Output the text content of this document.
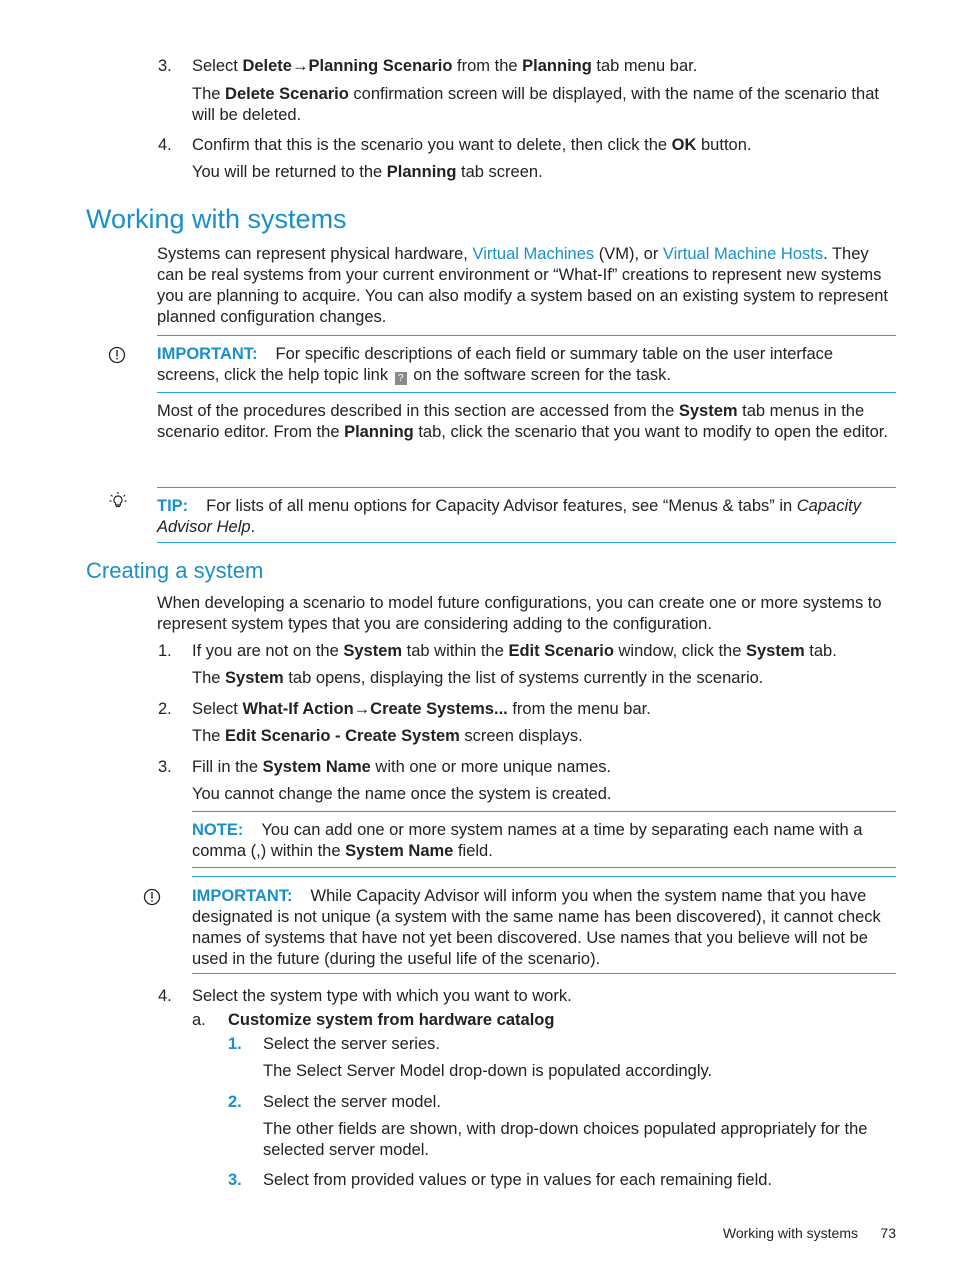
3. Select Delete→Planning Scenario from the Planning tab menu bar.

The Delete Scenario confirmation screen will be displayed, with the name of the scenario that will be deleted.

4. Confirm that this is the scenario you want to delete, then click the OK button.

You will be returned to the Planning tab screen.

Working with systems

Systems can represent physical hardware, Virtual Machines (VM), or Virtual Machine Hosts. They can be real systems from your current environment or “What-If” creations to represent new systems you are planning to acquire. You can also modify a system based on an existing system to represent planned configuration changes.

IMPORTANT: For specific descriptions of each field or summary table on the user interface screens, click the help topic link ? on the software screen for the task.

Most of the procedures described in this section are accessed from the System tab menus in the scenario editor. From the Planning tab, click the scenario that you want to modify to open the editor.

TIP: For lists of all menu options for Capacity Advisor features, see “Menus & tabs” in Capacity Advisor Help.

Creating a system

When developing a scenario to model future configurations, you can create one or more systems to represent system types that you are considering adding to the configuration.

1. If you are not on the System tab within the Edit Scenario window, click the System tab.

The System tab opens, displaying the list of systems currently in the scenario.

2. Select What-If Action→Create Systems... from the menu bar.

The Edit Scenario - Create System screen displays.

3. Fill in the System Name with one or more unique names.

You cannot change the name once the system is created.

NOTE: You can add one or more system names at a time by separating each name with a comma (,) within the System Name field.

IMPORTANT: While Capacity Advisor will inform you when the system name that you have designated is not unique (a system with the same name has been discovered), it cannot check names of systems that have not yet been discovered. Use names that you believe will not be used in the future (during the useful life of the scenario).

4. Select the system type with which you want to work.

a. Customize system from hardware catalog

1. Select the server series.

The Select Server Model drop-down is populated accordingly.

2. Select the server model.

The other fields are shown, with drop-down choices populated appropriately for the selected server model.

3. Select from provided values or type in values for each remaining field.

Working with systems 73
